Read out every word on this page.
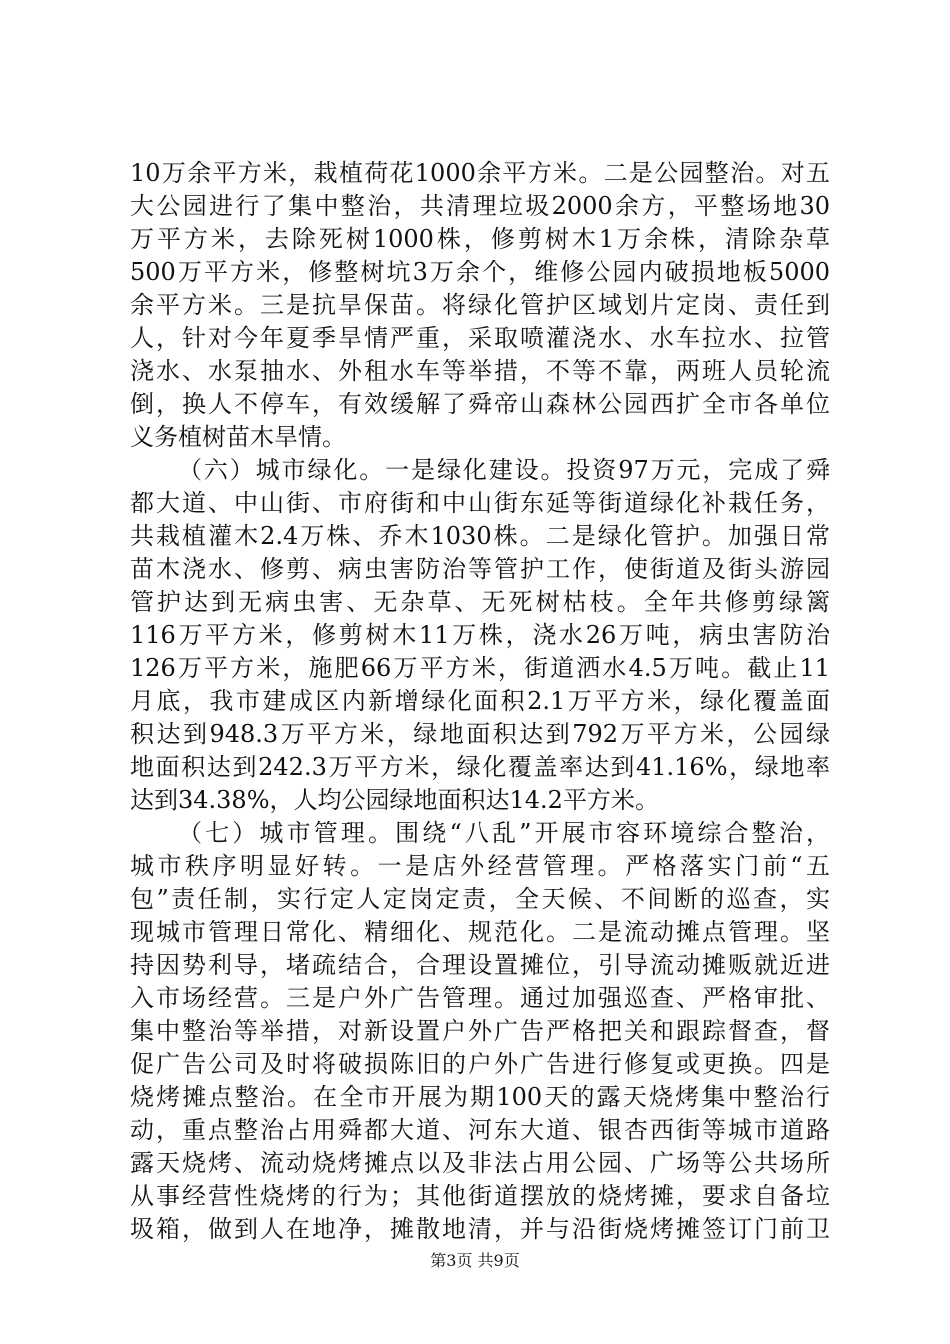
10万余平方米，栽植荷花1000余平方米。二是公园整治。对五
大公园进行了集中整治，共清理垃圾2000余方，平整场地30
万平方米，去除死树1000株，修剪树木1万余株，清除杂草
500万平方米，修整树坑3万余个，维修公园内破损地板5000
余平方米。三是抗旱保苗。将绿化管护区域划片定岗、责任到
人，针对今年夏季旱情严重，采取喷灌浇水、水车拉水、拉管
浇水、水泵抽水、外租水车等举措，不等不靠，两班人员轮流
倒，换人不停车，有效缓解了舜帝山森林公园西扩全市各单位
义务植树苗木旱情。
（六）城市绿化。一是绿化建设。投资97万元，完成了舜
都大道、中山街、市府街和中山街东延等街道绿化补栽任务，
共栽植灌木2.4万株、乔木1030株。二是绿化管护。加强日常
苗木浇水、修剪、病虫害防治等管护工作，使街道及街头游园
管护达到无病虫害、无杂草、无死树枯枝。全年共修剪绿篱
116万平方米，修剪树木11万株，浇水26万吨，病虫害防治
126万平方米，施肥66万平方米，街道洒水4.5万吨。截止11
月底，我市建成区内新增绿化面积2.1万平方米，绿化覆盖面
积达到948.3万平方米，绿地面积达到792万平方米，公园绿
地面积达到242.3万平方米，绿化覆盖率达到41.16%，绿地率
达到34.38%，人均公园绿地面积达14.2平方米。
（七）城市管理。围绕“八乱”开展市容环境综合整治，
城市秩序明显好转。一是店外经营管理。严格落实门前“五
包”责任制，实行定人定岗定责，全天候、不间断的巡查，实
现城市管理日常化、精细化、规范化。二是流动摊点管理。坚
持因势利导，堵疏结合，合理设置摊位，引导流动摊贩就近进
入市场经营。三是户外广告管理。通过加强巡查、严格审批、
集中整治等举措，对新设置户外广告严格把关和跟踪督查，督
促广告公司及时将破损陈旧的户外广告进行修复或更换。四是
烧烤摊点整治。在全市开展为期100天的露天烧烤集中整治行
动，重点整治占用舜都大道、河东大道、银杏西街等城市道路
露天烧烤、流动烧烤摊点以及非法占用公园、广场等公共场所
从事经营性烧烤的行为；其他街道摆放的烧烤摊，要求自备垃
圾箱，做到人在地净，摊散地清，并与沿街烧烤摊签订门前卫
第3页 共9页
